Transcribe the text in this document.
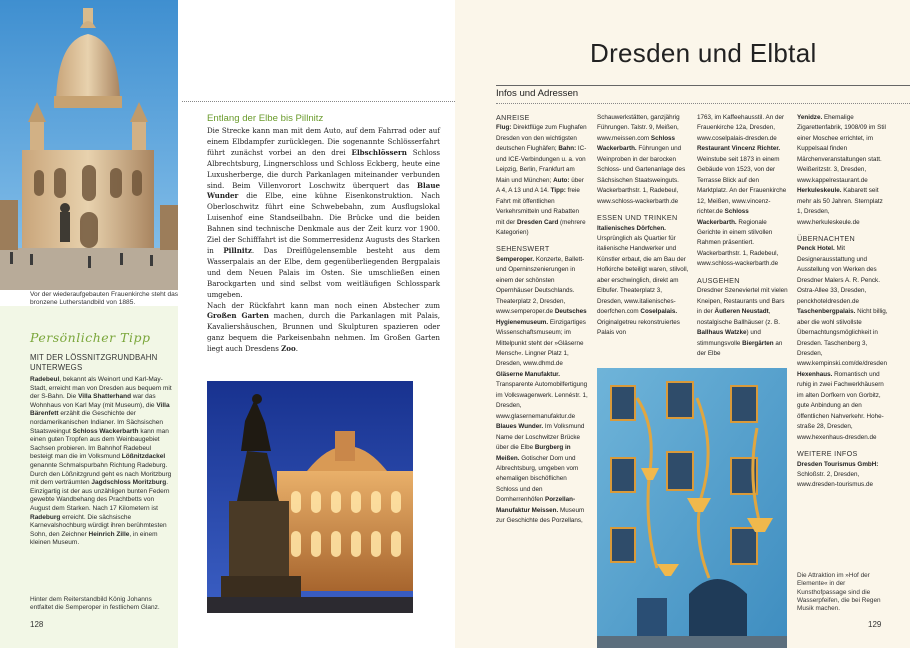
Vor der wiederaufgebauten Frauenkirche steht das bronzene Lutherstandbild von 1885.
Persönlicher Tipp
MIT DER LÖSSNITZGRUNDBAHN
UNTERWEGS
Radebeul, bekannt als Weinort und Karl-May-Stadt, erreicht man von Dresden aus bequem mit der S-Bahn. Die Villa Shatterhand war das Wohnhaus von Karl May (mit Museum), die Villa Bärenfett erzählt die Geschichte der nordamerikanischen Indianer. Im Sächsischen Staatsweingut Schloss Wackerbarth kann man einen guten Tropfen aus dem Weinbaugebiet Sachsen probieren. Im Bahnhof Radebeul besteigt man die im Volksmund Lößnitzdackel genannte Schmalspurbahn Richtung Radeburg. Durch den Lößnitzgrund geht es nach Moritzburg mit dem verträumten Jagdschloss Moritzburg. Einzigartig ist der aus unzähligen bunten Federn gewebte Wandbehang des Prachtbetts von August dem Starken. Nach 17 Kilometern ist Radeburg erreicht. Die sächsische Karnevalshochburg würdigt ihren berühmtesten Sohn, den Zeichner Heinrich Zille, in einem kleinen Museum.
Hinter dem Reiterstandbild König Johanns entfaltet die Semperoper in festlichem Glanz.
128
Entlang der Elbe bis Pillnitz

Die Strecke kann man mit dem Auto, auf dem Fahrrad oder auf einem Elbdampfer zurücklegen. Die sogenannte Schlösserfahrt führt zunächst vorbei an den drei Elbschlössern Schloss Albrechtsburg, Lingnerschloss und Schloss Eckberg, heute eine Luxusherberge, die durch Parkanlagen miteinander verbunden sind. Beim Villenvorort Loschwitz überquert das Blaue Wunder die Elbe, eine kühne Eisenkonstruktion. Nach Oberloschwitz führt eine Schwebebahn, zum Ausflugslokal Luisenhof eine Standseilbahn. Die Brücke und die beiden Bahnen sind technische Denkmale aus der Zeit kurz vor 1900. Ziel der Schifffahrt ist die Sommerresidenz Augusts des Starken in Pillnitz. Das Dreiflügelensemble besteht aus dem Wasserpalais an der Elbe, dem gegenüberliegenden Bergpalais und dem Neuen Palais im Osten. Sie umschließen einen Barockgarten und sind selbst vom weitläufigen Schlosspark umgeben.

Nach der Rückfahrt kann man noch einen Abstecher zum Großen Garten machen, durch die Parkanlagen mit Palais, Kavaliershäuschen, Brunnen und Skulpturen spazieren oder ganz bequem die Parkeisenbahn nehmen. Im Großen Garten liegt auch Dresdens Zoo.

Dresden und Elbtal
Infos und Adressen
ANREISE
Flug: Direktflüge zum Flughafen Dresden von den wichtigsten deutschen Flughäfen; Bahn: IC- und ICE-Verbindungen u. a. von Leipzig, Berlin, Frankfurt am Main und München; Auto: über A 4, A 13 und A 14. Tipp: freie Fahrt mit öffentlichen Verkehrsmitteln und Rabatten mit der Dresden Card (mehrere Kategorien)
SEHENSWERT
Semperoper. Konzerte, Ballett- und Operninszenierungen in einem der schönsten Opernhäuser Deutschlands. Theaterplatz 2, Dresden, www.semperoper.de Deutsches Hygienemuseum. Einzigartiges Wissenschaftsmuseum; im Mittelpunkt steht der »Gläserne Mensch«. Lingner Platz 1, Dresden, www.dhmd.de Gläserne Manufaktur. Transparente Automobilfertigung im Volkswagenwerk. Lennéstr. 1, Dresden, www.glasernemanufaktur.de Blaues Wunder. Im Volksmund Name der Loschwitzer Brücke über die Elbe Burgberg in Meißen. Gotischer Dom und Albrechtsburg, umgeben vom ehemaligen bischöflichen Schloss und den Domherrenhöfen Porzellan-Manufaktur Meissen. Museum zur Geschichte des Porzellans,
Schauwerkstätten, ganzjährig Führungen. Talstr. 9, Meißen, www.meissen.com Schloss Wackerbarth. Führungen und Weinproben in der barocken Schloss- und Gartenanlage des Sächsischen Staatsweinguts. Wackerbarthstr. 1, Radebeul, www.schloss-wackerbarth.de
ESSEN UND TRINKEN
Italienisches Dörfchen. Ursprünglich als Quartier für italienische Handwerker und Künstler erbaut, die am Bau der Hofkirche beteiligt waren, stilvoll, aber erschwinglich, direkt am Elbufer. Theaterplatz 3, Dresden, www.italienisches-doerfchen.com Coselpalais. Originalgetreu rekonstruiertes Palais von
1763, im Kaffeehausstil. An der Frauenkirche 12a, Dresden, www.coselpalais-dresden.de Restaurant Vincenz Richter. Weinstube seit 1873 in einem Gebäude von 1523, von der Terrasse Blick auf den Marktplatz. An der Frauenkirche 12, Meißen, www.vincenz-richter.de Schloss Wackerbarth. Regionale Gerichte in einem stilvollen Rahmen präsentiert. Wackerbarthstr. 1, Radebeul, www.schloss-wackerbarth.de
AUSGEHEN
Dresdner Szeneviertel mit vielen Kneipen, Restaurants und Bars in der Äußeren Neustadt, nostalgische Ballhäuser (z. B. Ballhaus Watzke) und stimmungsvolle Biergärten an der Elbe
Yenidze. Ehemalige Zigarettenfabrik, 1908/09 im Stil einer Moschee errichtet, im Kuppelsaal finden Märchenveranstaltungen statt. Weißeritzstr. 3, Dresden, www.kappelrestaurant.de Herkuleskeule. Kabarett seit mehr als 50 Jahren. Sternplatz 1, Dresden, www.herkuleskeule.de
ÜBERNACHTEN
Penck Hotel. Mit Designerausstattung und Ausstellung von Werken des Dresdner Malers A. R. Penck. Ostra-Allee 33, Dresden, penckhoteldresden.de Taschenbergpalais. Nicht billig, aber die wohl stilvollste Übernachtungsmöglichkeit in Dresden. Taschenberg 3, Dresden, www.kempinski.com/de/dresden Hexenhaus. Romantisch und ruhig in zwei Fachwerkhäusern im alten Dorfkern von Gorbitz, gute Anbindung an den öffentlichen Nahverkehr. Hohestraße 28, Dresden, www.hexenhaus-dresden.de
WEITERE INFOS
Dresden Tourismus GmbH: Schloßstr. 2, Dresden, www.dresden-tourismus.de
Die Attraktion im »Hof der Elemente« in der Kunsthofpassage sind die Wasserpfeifen, die bei Regen Musik machen.
129
